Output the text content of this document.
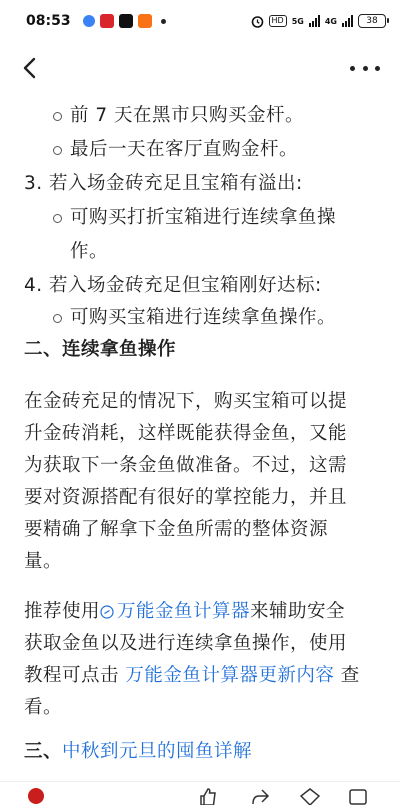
08:53	HD	5G	4G	38
前 7 天在黑市只购买金杆。
最后一天在客厅直购金杆。
3. 若入场金砖充足且宝箱有溢出:
可购买打折宝箱进行连续拿鱼操
作。
4. 若入场金砖充足但宝箱刚好达标:
可购买宝箱进行连续拿鱼操作。
二、连续拿鱼操作
在金砖充足的情况下，购买宝箱可以提
升金砖消耗，这样既能获得金鱼，又能
为获取下一条金鱼做准备。不过，这需
要对资源搭配有很好的掌控能力，并且
要精确了解拿下金鱼所需的整体资源
量。
推荐使用 万能金鱼计算器来辅助安全
获取金鱼以及进行连续拿鱼操作，使用
教程可点击 万能金鱼计算器更新内容 查
看。
三、中秋到元旦的囤鱼详解
